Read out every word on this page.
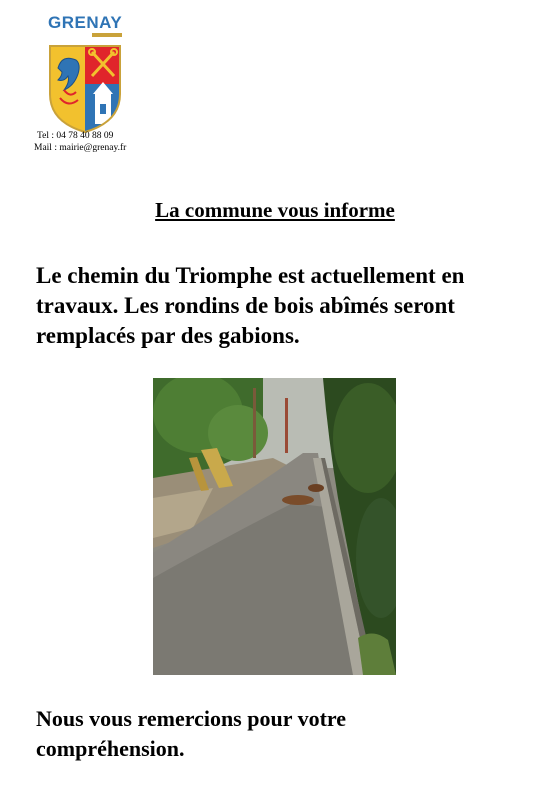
GRENAY
ISERE
Tel : 04 78 40 88 09
Mail : mairie@grenay.fr
La commune vous informe
Le chemin du Triomphe est actuellement en travaux. Les rondins de bois abîmés seront remplacés par des gabions.
Nous vous remercions pour votre compréhension.
